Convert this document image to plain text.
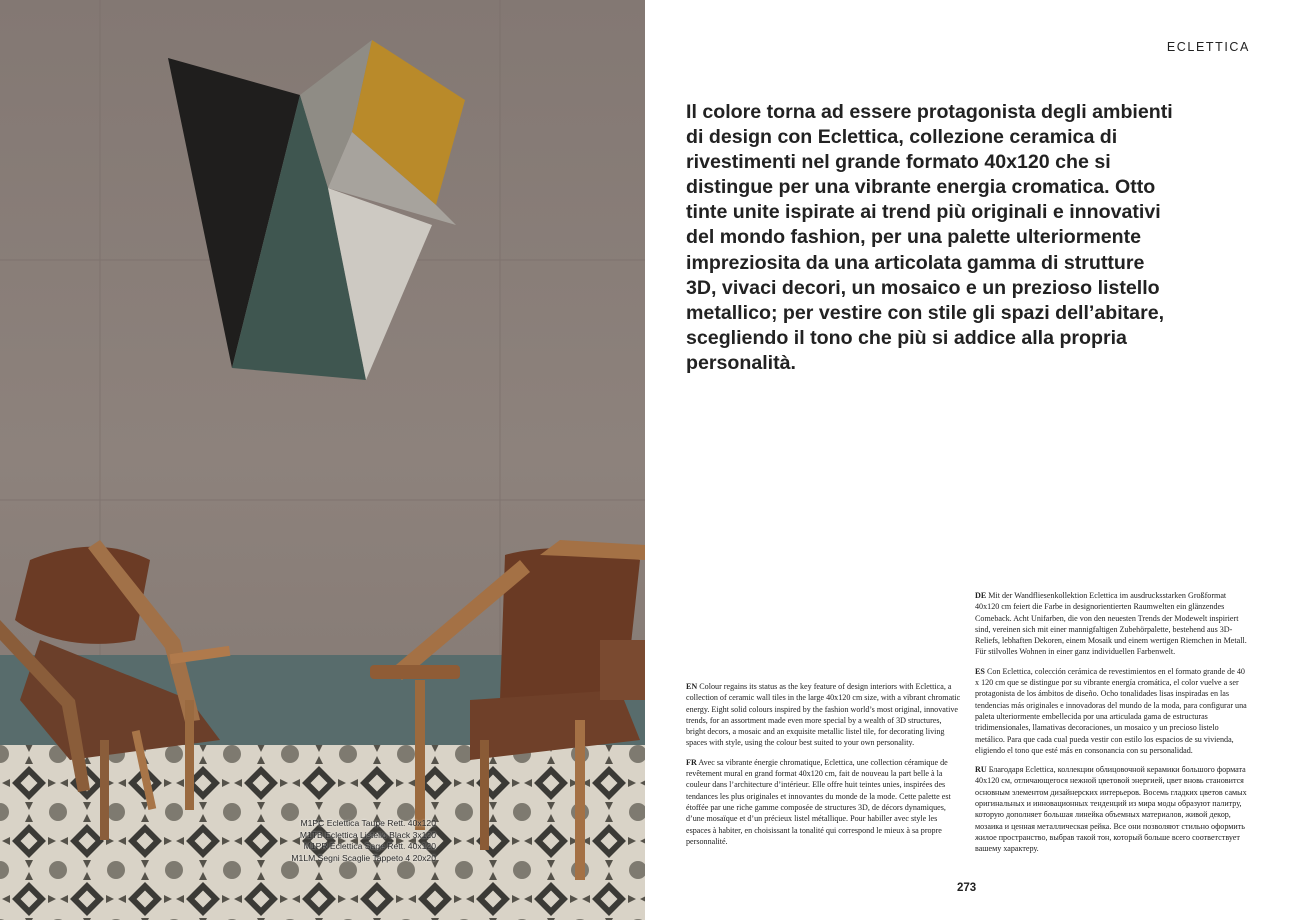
M1PC Eclettica Taupe Rett. 40x120
M1TB Eclettica Listello Black 3x120
M1PR Eclettica Sage Rett. 40x120
M1LM Segni Scaglie Tappeto 4 20x20
ECLETTICA
Il colore torna ad essere protagonista degli ambienti di design con Eclettica, collezione ceramica di rivestimenti nel grande formato 40x120 che si distingue per una vibrante energia cromatica. Otto tinte unite ispirate ai trend più originali e innovativi del mondo fashion, per una palette ulteriormente impreziosita da una articolata gamma di strutture 3D, vivaci decori, un mosaico e un prezioso listello metallico; per vestire con stile gli spazi dell’abitare, scegliendo il tono che più si addice alla propria personalità.

EN Colour regains its status as the key feature of design interiors with Eclettica, a collection of ceramic wall tiles in the large 40x120 cm size, with a vibrant chromatic energy. Eight solid colours inspired by the fashion world’s most original, innovative trends, for an assortment made even more special by a wealth of 3D structures, bright decors, a mosaic and an exquisite metallic listel tile, for decorating living spaces with style, using the colour best suited to your own personality.

FR Avec sa vibrante énergie chromatique, Eclettica, une collection céramique de revêtement mural en grand format 40x120 cm, fait de nouveau la part belle à la couleur dans l’architecture d’intérieur. Elle offre huit teintes unies, inspirées des tendances les plus originales et innovantes du monde de la mode. Cette palette est étoffée par une riche gamme composée de structures 3D, de décors dynamiques, d’une mosaïque et d’un précieux listel métallique. Pour habiller avec style les espaces à habiter, en choisissant la tonalité qui correspond le mieux à sa propre personnalité.

DE Mit der Wandfliesenkollektion Eclettica im ausdrucksstarken Großformat 40x120 cm feiert die Farbe in designorientierten Raumwelten ein glänzendes Comeback. Acht Unifarben, die von den neuesten Trends der Modewelt inspiriert sind, vereinen sich mit einer mannigfaltigen Zubehörpalette, bestehend aus 3D-Reliefs, lebhaften Dekoren, einem Mosaik und einem wertigen Riemchen in Metall. Für stilvolles Wohnen in einer ganz individuellen Farbenwelt.

ES Con Eclettica, colección cerámica de revestimientos en el formato grande de 40 x 120 cm que se distingue por su vibrante energía cromática, el color vuelve a ser protagonista de los ámbitos de diseño. Ocho tonalidades lisas inspiradas en las tendencias más originales e innovadoras del mundo de la moda, para configurar una paleta ulteriormente embellecida por una articulada gama de estructuras tridimensionales, llamativas decoraciones, un mosaico y un precioso listelo metálico. Para que cada cual pueda vestir con estilo los espacios de su vivienda, eligiendo el tono que esté más en consonancia con su personalidad.

RU Благодаря Eclettica, коллекции облицовочной керамики большого формата 40x120 см, отличающегося нежной цветовой энергией, цвет вновь становится основным элементом дизайнерских интерьеров. Восемь гладких цветов самых оригинальных и инновационных тенденций из мира моды образуют палитру, которую дополняет большая линейка объемных материалов, живой декор, мозаика и ценная металлическая рейка. Все они позволяют стильно оформить жилое пространство, выбрав такой тон, который больше всего соответствует вашему характеру.

273
